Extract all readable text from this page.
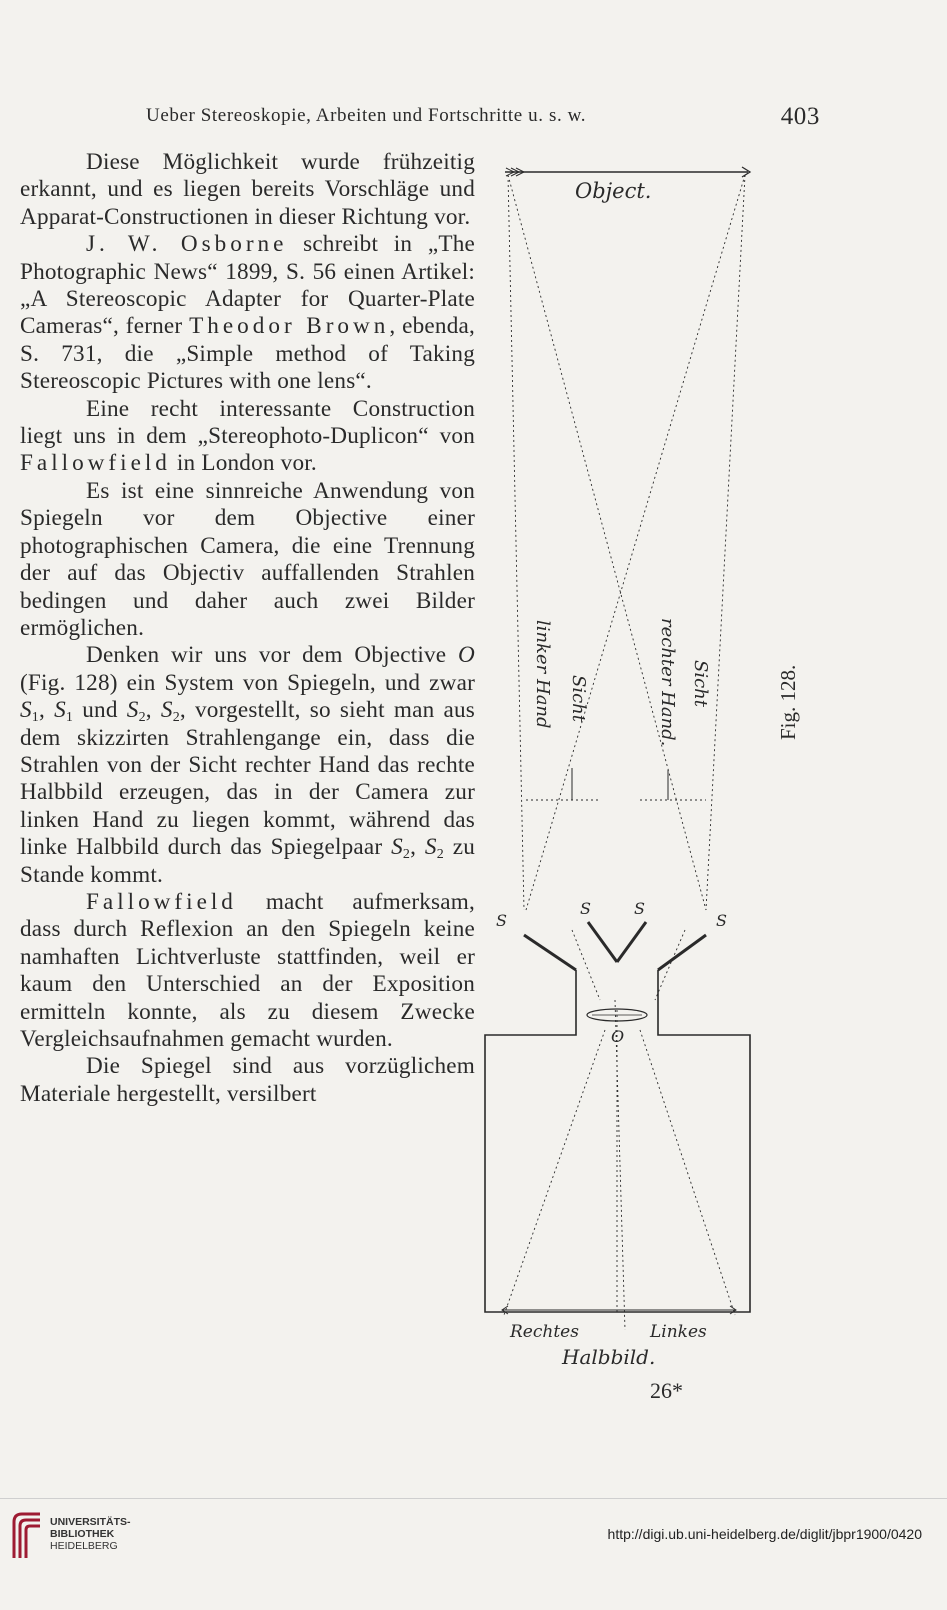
Ueber Stereoskopie, Arbeiten und Fortschritte u. s. w.	403

Diese Möglichkeit wurde frühzeitig erkannt, und es liegen bereits Vorschläge und Apparat-Constructionen in dieser Richtung vor.

J. W. Osborne schreibt in „The Photographic News“ 1899, S. 56 einen Artikel: „A Stereoscopic Adapter for Quarter-Plate Cameras“, ferner Theodor Brown, ebenda, S. 731, die „Simple method of Taking Stereoscopic Pictures with one lens“.

Eine recht interessante Construction liegt uns in dem „Stereophoto-Duplicon“ von Fallowfield in London vor.

Es ist eine sinnreiche Anwendung von Spiegeln vor dem Objective einer photographischen Camera, die eine Trennung der auf das Objectiv auffallenden Strahlen bedingen und daher auch zwei Bilder ermöglichen.

Denken wir uns vor dem Objective O (Fig. 128) ein System von Spiegeln, und zwar $S_1$, $S_1$ und $S_2$, $S_2$, vorgestellt, so sieht man aus dem skizzirten Strahlengange ein, dass die Strahlen von der Sicht rechter Hand das rechte Halbbild erzeugen, das in der Camera zur linken Hand zu liegen kommt, während das linke Halbbild durch das Spiegelpaar $S_2$, $S_2$ zu Stande kommt.

Fallowfield macht aufmerksam, dass durch Reflexion an den Spiegeln keine namhaften Lichtverluste stattfinden, weil er kaum den Unterschied an der Exposition ermitteln konnte, als zu diesem Zwecke Vergleichsaufnahmen gemacht wurden.

Die Spiegel sind aus vorzüglichem Materiale hergestellt, versilbert

Object.
linker Hand Sicht	rechter Hand. Sicht
S
S	S
S
O
Rechtes	Linkes
Halbbild.
Fig. 128.
26*
UNIVERSITÄTS-
BIBLIOTHEK
HEIDELBERG
http://digi.ub.uni-heidelberg.de/diglit/jbpr1900/0420
